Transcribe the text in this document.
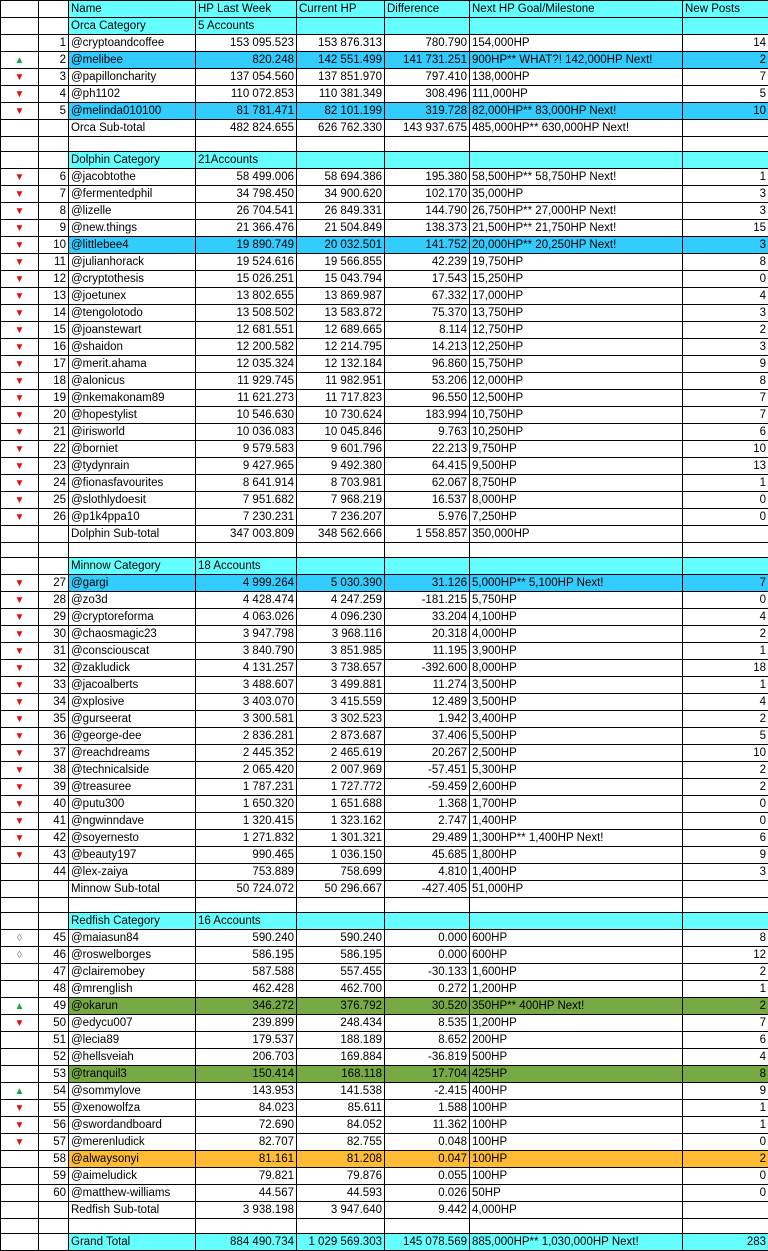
		Name	HP Last Week	Current HP	Difference	Next HP Goal/Milestone	New Posts
		Orca Category	5 Accounts				
	1	@cryptoandcoffee	153 095.523	153 876.313	780.790	154,000HP	14
▲	2	@melibee	820.248	142 551.499	141 731.251	900HP** WHAT?! 142,000HP Next!	2
▼	3	@papilloncharity	137 054.560	137 851.970	797.410	138,000HP	7
▼	4	@ph1102	110 072.853	110 381.349	308.496	111,000HP	5
▼	5	@melinda010100	81 781.471	82 101.199	319.728	82,000HP** 83,000HP Next!	10
		Orca Sub-total	482 824.655	626 762.330	143 937.675	485,000HP** 630,000HP Next!	

		Dolphin Category	21Accounts				
▼	6	@jacobtothe	58 499.006	58 694.386	195.380	58,500HP** 58,750HP Next!	1
▼	7	@fermentedphil	34 798.450	34 900.620	102.170	35,000HP	3
▼	8	@lizelle	26 704.541	26 849.331	144.790	26,750HP** 27,000HP Next!	3
▼	9	@new.things	21 366.476	21 504.849	138.373	21,500HP** 21,750HP Next!	15
▼	10	@littlebee4	19 890.749	20 032.501	141.752	20,000HP** 20,250HP Next!	3
▼	11	@julianhorack	19 524.616	19 566.855	42.239	19,750HP	8
▼	12	@cryptothesis	15 026.251	15 043.794	17.543	15,250HP	0
▼	13	@joetunex	13 802.655	13 869.987	67.332	17,000HP	4
▼	14	@tengolotodo	13 508.502	13 583.872	75.370	13,750HP	3
▼	15	@joanstewart	12 681.551	12 689.665	8.114	12,750HP	2
▼	16	@shaidon	12 200.582	12 214.795	14.213	12,250HP	3
▼	17	@merit.ahama	12 035.324	12 132.184	96.860	15,750HP	9
▼	18	@alonicus	11 929.745	11 982.951	53.206	12,000HP	8
▼	19	@nkemakonam89	11 621.273	11 717.823	96.550	12,500HP	7
▼	20	@hopestylist	10 546.630	10 730.624	183.994	10,750HP	7
▼	21	@irisworld	10 036.083	10 045.846	9.763	10,250HP	6
▼	22	@borniet	9 579.583	9 601.796	22.213	9,750HP	10
▼	23	@tydynrain	9 427.965	9 492.380	64.415	9,500HP	13
▼	24	@fionasfavourites	8 641.914	8 703.981	62.067	8,750HP	1
▼	25	@slothlydoesit	7 951.682	7 968.219	16.537	8,000HP	0
▼	26	@p1k4ppa10	7 230.231	7 236.207	5.976	7,250HP	0
		Dolphin Sub-total	347 003.809	348 562.666	1 558.857	350,000HP	

		Minnow Category	18 Accounts				
▼	27	@gargi	4 999.264	5 030.390	31.126	5,000HP** 5,100HP Next!	7
▼	28	@zo3d	4 428.474	4 247.259	-181.215	5,750HP	0
▼	29	@cryptoreforma	4 063.026	4 096.230	33.204	4,100HP	4
▼	30	@chaosmagic23	3 947.798	3 968.116	20.318	4,000HP	2
▼	31	@consciouscat	3 840.790	3 851.985	11.195	3,900HP	1
▼	32	@zakludick	4 131.257	3 738.657	-392.600	8,000HP	18
▼	33	@jacoalberts	3 488.607	3 499.881	11.274	3,500HP	1
▼	34	@xplosive	3 403.070	3 415.559	12.489	3,500HP	4
▼	35	@gurseerat	3 300.581	3 302.523	1.942	3,400HP	2
▼	36	@george-dee	2 836.281	2 873.687	37.406	5,500HP	5
▼	37	@reachdreams	2 445.352	2 465.619	20.267	2,500HP	10
▼	38	@technicalside	2 065.420	2 007.969	-57.451	5,300HP	2
▼	39	@treasuree	1 787.231	1 727.772	-59.459	2,600HP	2
▼	40	@putu300	1 650.320	1 651.688	1.368	1,700HP	0
▼	41	@ngwinndave	1 320.415	1 323.162	2.747	1,400HP	0
▼	42	@soyernesto	1 271.832	1 301.321	29.489	1,300HP** 1,400HP Next!	6
▼	43	@beauty197	990.465	1 036.150	45.685	1,800HP	9
	44	@lex-zaiya	753.889	758.699	4.810	1,400HP	3
		Minnow Sub-total	50 724.072	50 296.667	-427.405	51,000HP	

		Redfish Category	16 Accounts				
◊	45	@maiasun84	590.240	590.240	0.000	600HP	8
◊	46	@roswelborges	586.195	586.195	0.000	600HP	12
	47	@clairemobey	587.588	557.455	-30.133	1,600HP	2
	48	@mrenglish	462.428	462.700	0.272	1,200HP	1
▲	49	@okarun	346.272	376.792	30.520	350HP** 400HP Next!	2
▼	50	@edycu007	239.899	248.434	8.535	1,200HP	7
	51	@lecia89	179.537	188.189	8.652	200HP	6
	52	@hellsveiah	206.703	169.884	-36.819	500HP	4
	53	@tranquil3	150.414	168.118	17.704	425HP	8
▲	54	@sommylove	143.953	141.538	-2.415	400HP	9
▼	55	@xenowolfza	84.023	85.611	1.588	100HP	1
▼	56	@swordandboard	72.690	84.052	11.362	100HP	1
▼	57	@merenludick	82.707	82.755	0.048	100HP	0
	58	@alwaysonyi	81.161	81.208	0.047	100HP	2
	59	@aimeludick	79.821	79.876	0.055	100HP	0
	60	@matthew-williams	44.567	44.593	0.026	50HP	0
		Redfish Sub-total	3 938.198	3 947.640	9.442	4,000HP	

		Grand Total	884 490.734	1 029 569.303	145 078.569	885,000HP** 1,030,000HP Next!	283
